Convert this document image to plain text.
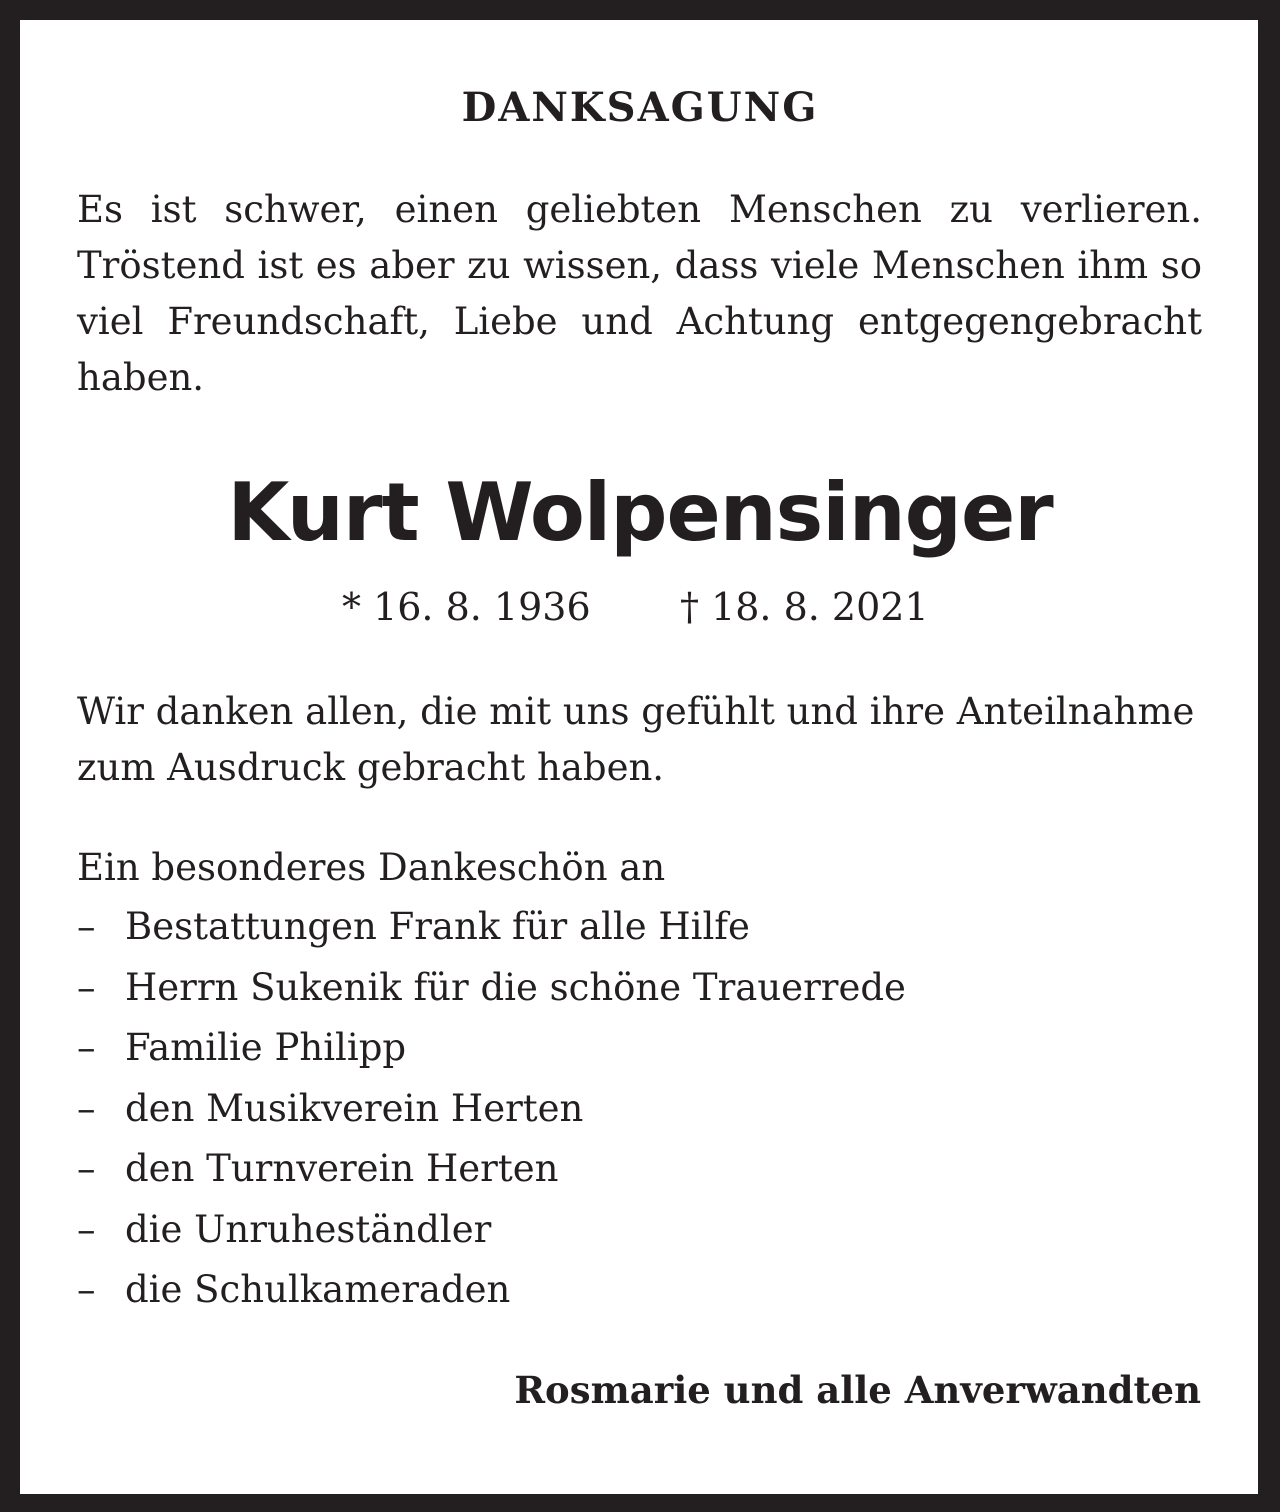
DANKSAGUNG

Es ist schwer, einen geliebten Menschen zu verlieren. Tröstend ist es aber zu wissen, dass viele Menschen ihm so viel Freundschaft, Liebe und Achtung entgegengebracht haben.

Kurt Wolpensinger
* 16. 8. 1936 † 18. 8. 2021

Wir danken allen, die mit uns gefühlt und ihre Anteilnahme zum Ausdruck gebracht haben.

Ein besonderes Dankeschön an
– Bestattungen Frank für alle Hilfe
– Herrn Sukenik für die schöne Trauerrede
– Familie Philipp
– den Musikverein Herten
– den Turnverein Herten
– die Unruheständler
– die Schulkameraden
Rosmarie und alle Anverwandten
